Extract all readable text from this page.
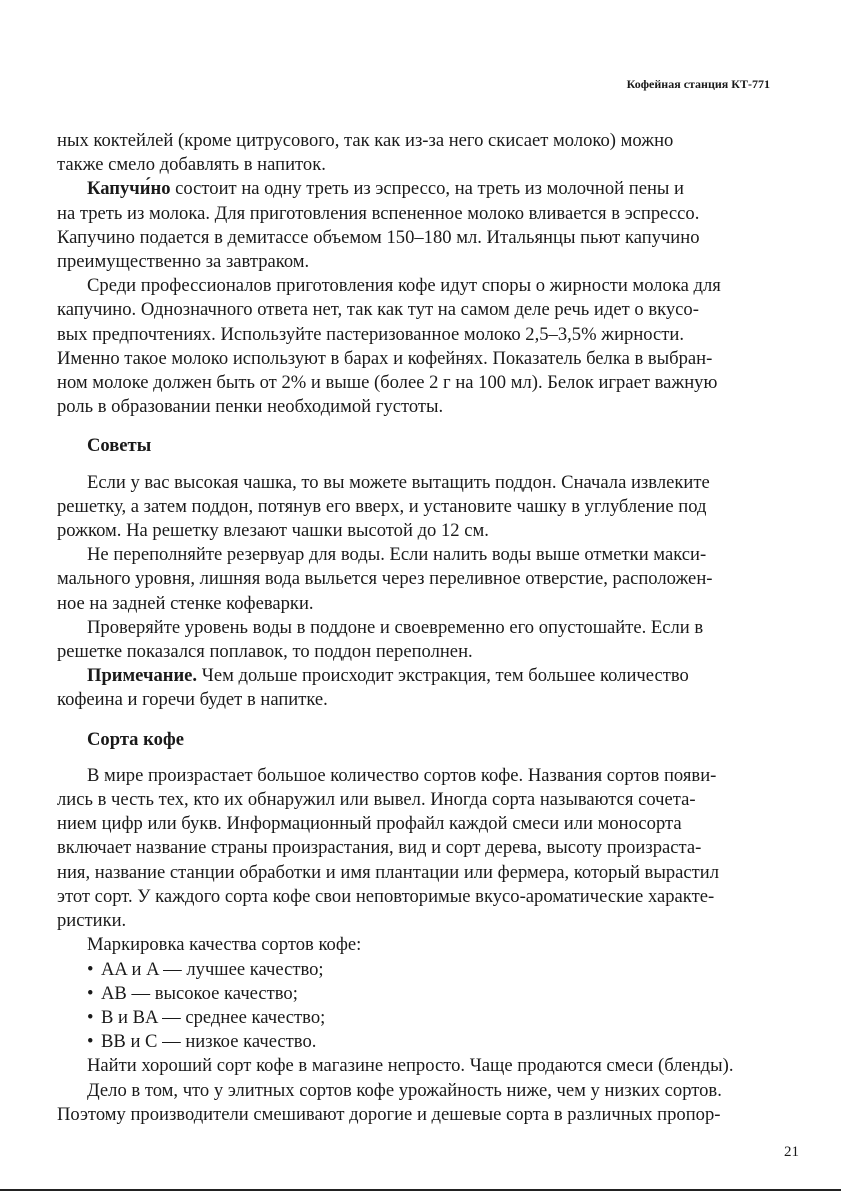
Кофейная станция КТ-771
ных коктейлей (кроме цитрусового, так как из-за него скисает молоко) можно
также смело добавлять в напиток.
Капучи́но состоит на одну треть из эспрессо, на треть из молочной пены и
на треть из молока. Для приготовления вспененное молоко вливается в эспрессо.
Капучино подается в демитассе объемом 150–180 мл. Итальянцы пьют капучино
преимущественно за завтраком.
Среди профессионалов приготовления кофе идут споры о жирности молока для
капучино. Однозначного ответа нет, так как тут на самом деле речь идет о вкусо-
вых предпочтениях. Используйте пастеризованное молоко 2,5–3,5% жирности.
Именно такое молоко используют в барах и кофейнях. Показатель белка в выбран-
ном молоке должен быть от 2% и выше (более 2 г на 100 мл). Белок играет важную
роль в образовании пенки необходимой густоты.
Советы
Если у вас высокая чашка, то вы можете вытащить поддон. Сначала извлеките
решетку, а затем поддон, потянув его вверх, и установите чашку в углубление под
рожком. На решетку влезают чашки высотой до 12 см.
Не переполняйте резервуар для воды. Если налить воды выше отметки макси-
мального уровня, лишняя вода выльется через переливное отверстие, расположен-
ное на задней стенке кофеварки.
Проверяйте уровень воды в поддоне и своевременно его опустошайте. Если в
решетке показался поплавок, то поддон переполнен.
Примечание. Чем дольше происходит экстракция, тем большее количество
кофеина и горечи будет в напитке.
Сорта кофе
В мире произрастает большое количество сортов кофе. Названия сортов появи-
лись в честь тех, кто их обнаружил или вывел. Иногда сорта называются сочета-
нием цифр или букв. Информационный профайл каждой смеси или моносорта
включает название страны произрастания, вид и сорт дерева, высоту произраста-
ния, название станции обработки и имя плантации или фермера, который вырастил
этот сорт. У каждого сорта кофе свои неповторимые вкусо-ароматические характе-
ристики.
Маркировка качества сортов кофе:
• AA и A — лучшее качество;
• AB — высокое качество;
• B и BA — среднее качество;
• BB и C — низкое качество.
Найти хороший сорт кофе в магазине непросто. Чаще продаются смеси (бленды).
Дело в том, что у элитных сортов кофе урожайность ниже, чем у низких сортов.
Поэтому производители смешивают дорогие и дешевые сорта в различных пропор-
21
